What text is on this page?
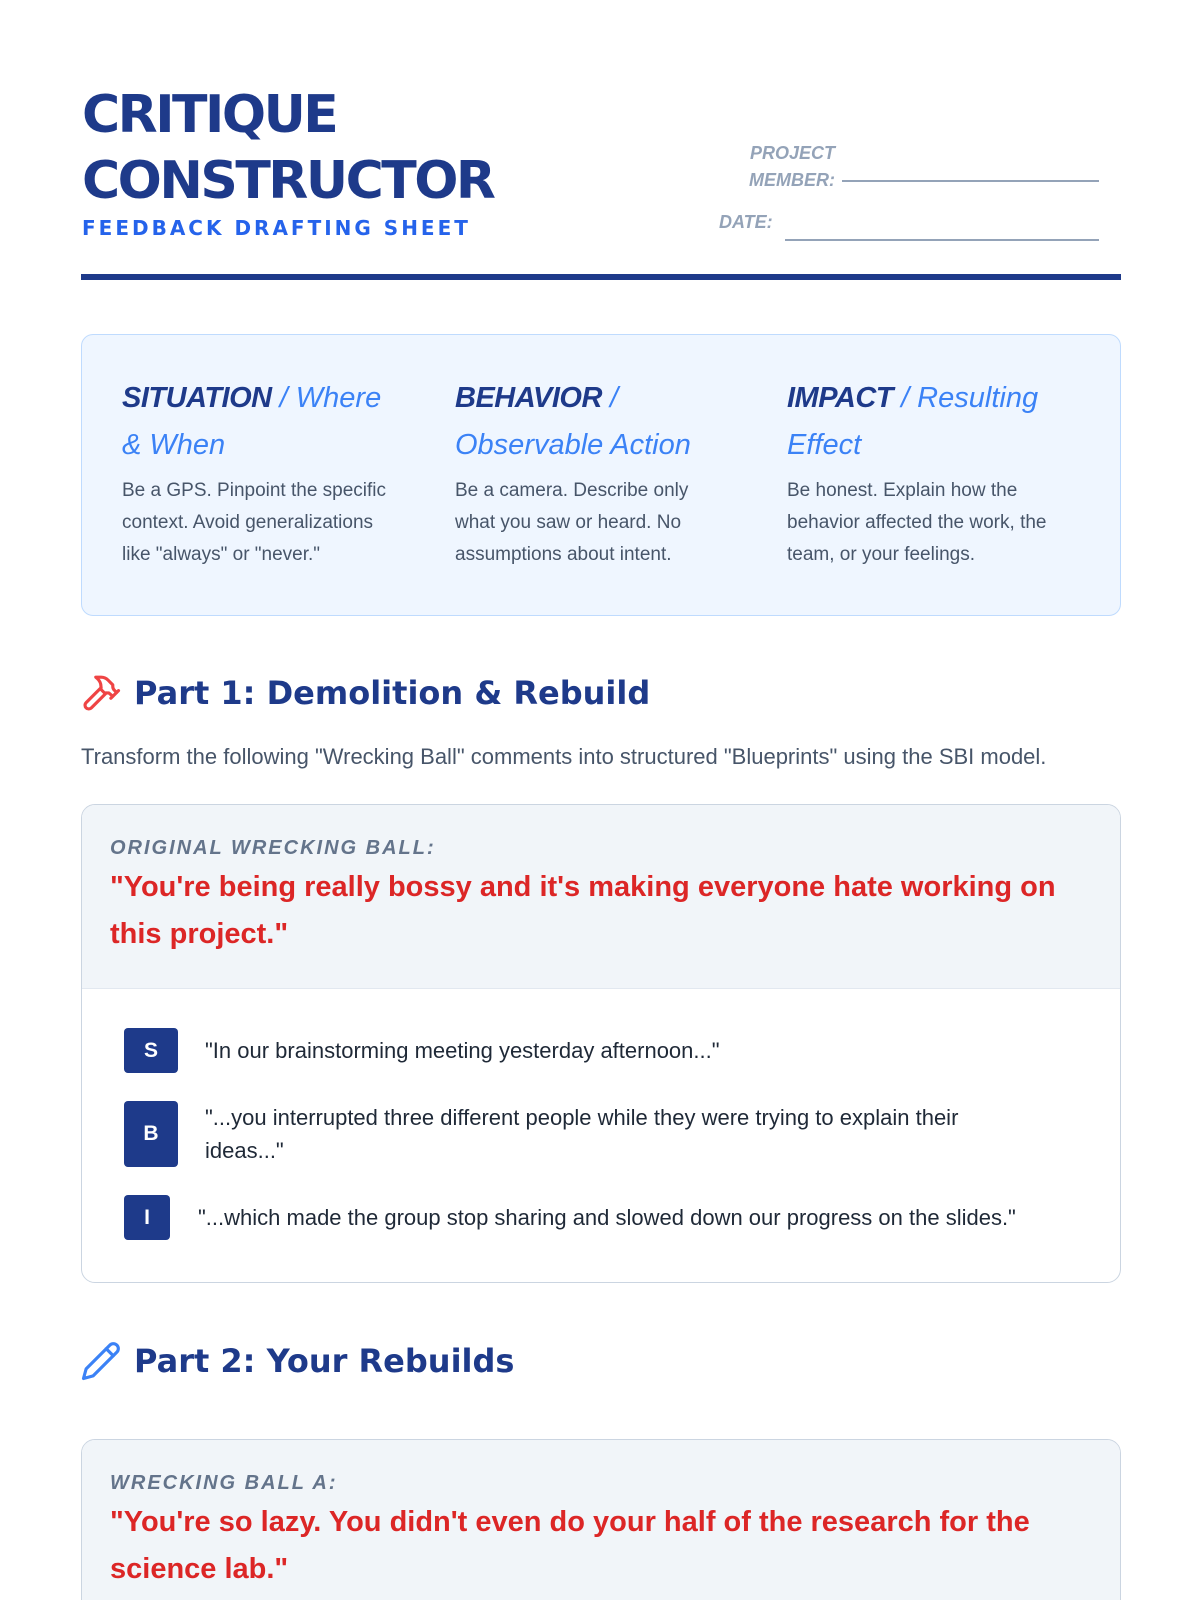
CRITIQUE
CONSTRUCTOR
FEEDBACK DRAFTING SHEET
PROJECT
MEMBER:
DATE:
SITUATION / Where & When
Be a GPS. Pinpoint the specific context. Avoid generalizations like "always" or "never."
BEHAVIOR / Observable Action
Be a camera. Describe only what you saw or heard. No assumptions about intent.
IMPACT / Resulting Effect
Be honest. Explain how the behavior affected the work, the team, or your feelings.
Part 1: Demolition & Rebuild
Transform the following "Wrecking Ball" comments into structured "Blueprints" using the SBI model.
ORIGINAL WRECKING BALL:
"You're being really bossy and it's making everyone hate working on this project."
S	"In our brainstorming meeting yesterday afternoon..."
B
"...you interrupted three different people while they were trying to explain their ideas..."
I	"...which made the group stop sharing and slowed down our progress on the slides."
Part 2: Your Rebuilds
WRECKING BALL A:
"You're so lazy. You didn't even do your half of the research for the science lab."
